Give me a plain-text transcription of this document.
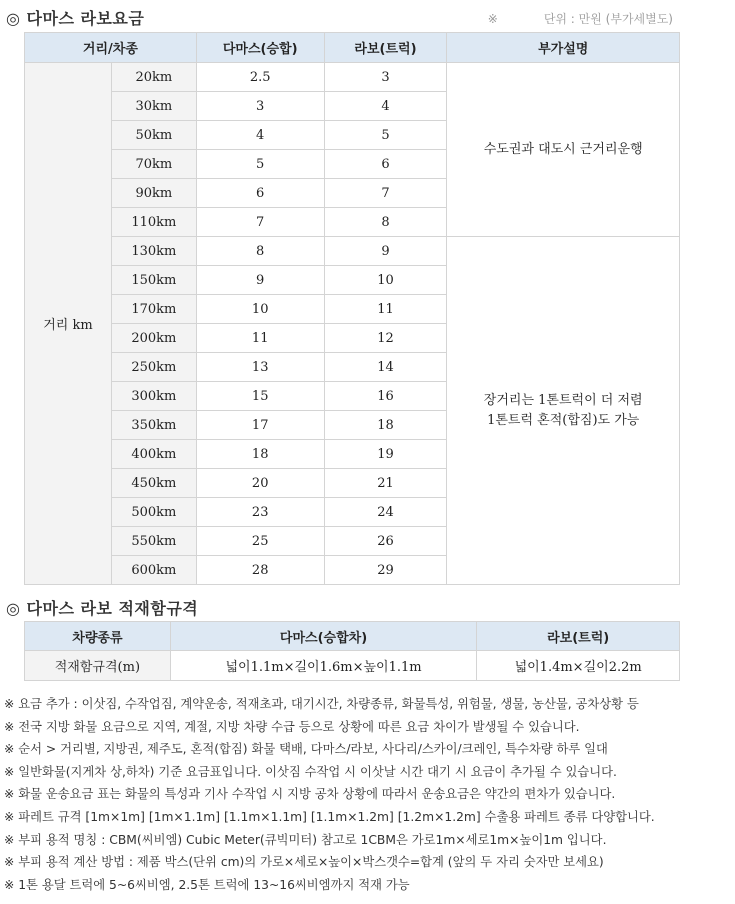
◎ 다마스 라보요금	※	단위 : 만원 (부가세별도)
거리/차종		다마스(승합)	라보(트럭)	부가설명
거리 km	20km	2.5	3	수도권과 대도시 근거리운행
	30km	3	4	
	50km	4	5	
	70km	5	6	
	90km	6	7	
	110km	7	8	
	130km	8	9	장거리는 1톤트럭이 더 저렴
1톤트럭 혼적(합짐)도 가능

	150km	9	10	
	170km	10	11	
	200km	11	12	
	250km	13	14	
	300km	15	16	
	350km	17	18	
	400km	18	19	
	450km	20	21	
	500km	23	24	
	550km	25	26	
	600km	28	29	
◎ 다마스 라보 적재함규격
차량종류	다마스(승합차)	라보(트럭)
적재함규격(m)	넓이1.1m×길이1.6m×높이1.1m	넓이1.4m×길이2.2m
※ 요금 추가 : 이삿짐, 수작업짐, 계약운송, 적재초과, 대기시간, 차량종류, 화물특성, 위험물, 생물, 농산물, 공차상황 등
※ 전국 지방 화물 요금으로 지역, 계절, 지방 차량 수급 등으로 상황에 따른 요금 차이가 발생될 수 있습니다.
※ 순서 > 거리별, 지방권, 제주도, 혼적(합짐) 화물 택배, 다마스/라보, 사다리/스카이/크레인, 특수차량 하루 일대
※ 일반화물(지게차 상,하차) 기준 요금표입니다. 이삿짐 수작업 시 이삿날 시간 대기 시 요금이 추가될 수 있습니다.
※ 화물 운송요금 표는 화물의 특성과 기사 수작업 시 지방 공차 상황에 따라서 운송요금은 약간의 편차가 있습니다.
※ 파레트 규격 [1m×1m] [1m×1.1m] [1.1m×1.1m] [1.1m×1.2m] [1.2m×1.2m] 수출용 파레트 종류 다양합니다.
※ 부피 용적 명칭 : CBM(씨비엠) Cubic Meter(큐빅미터) 참고로 1CBM은 가로1m×세로1m×높이1m 입니다.
※ 부피 용적 계산 방법 : 제품 박스(단위 cm)의 가로×세로×높이×박스갯수=합계 (앞의 두 자리 숫자만 보세요)
※ 1톤 용달 트럭에 5~6씨비엠, 2.5톤 트럭에 13~16씨비엠까지 적재 가능
